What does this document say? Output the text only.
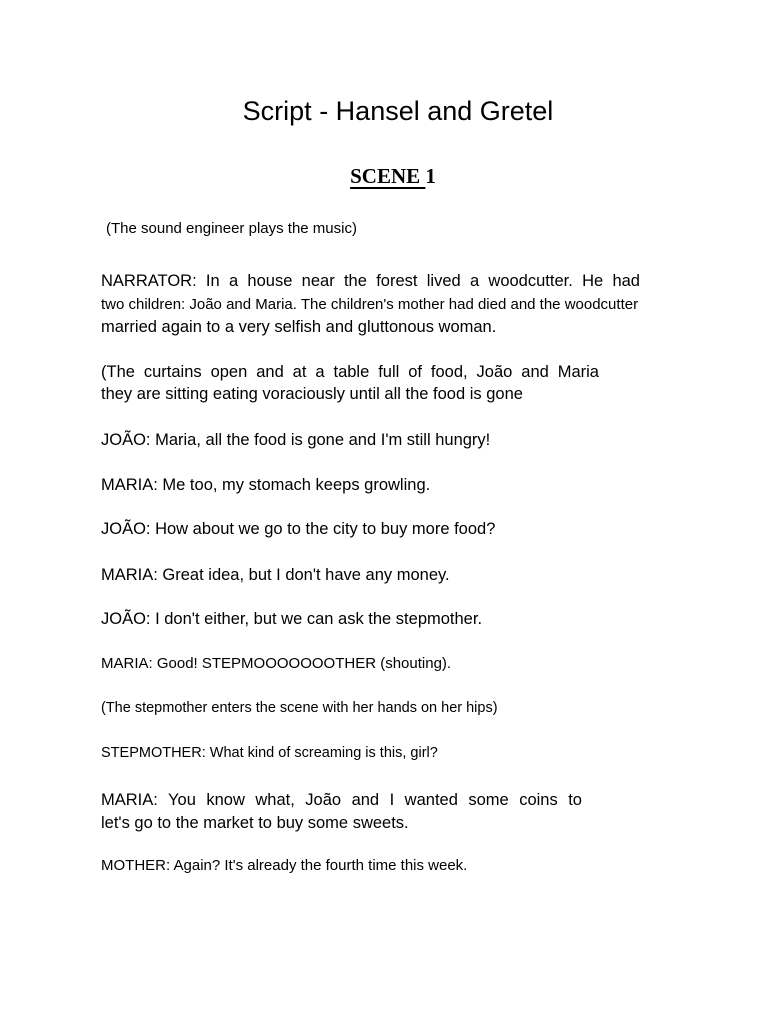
Script - Hansel and Gretel
SCENE 1
(The sound engineer plays the music)
NARRATOR: In a house near the forest lived a woodcutter. He had
two children: João and Maria. The children's mother had died and the woodcutter
married again to a very selfish and gluttonous woman.
(The curtains open and at a table full of food, João and Maria
they are sitting eating voraciously until all the food is gone
JOÃO: Maria, all the food is gone and I'm still hungry!
MARIA: Me too, my stomach keeps growling.
JOÃO: How about we go to the city to buy more food?
MARIA: Great idea, but I don't have any money.
JOÃO: I don't either, but we can ask the stepmother.
MARIA: Good! STEPMOOOOOOOTHER (shouting).
(The stepmother enters the scene with her hands on her hips)
STEPMOTHER: What kind of screaming is this, girl?
MARIA: You know what, João and I wanted some coins to
let's go to the market to buy some sweets.
MOTHER: Again? It's already the fourth time this week.
